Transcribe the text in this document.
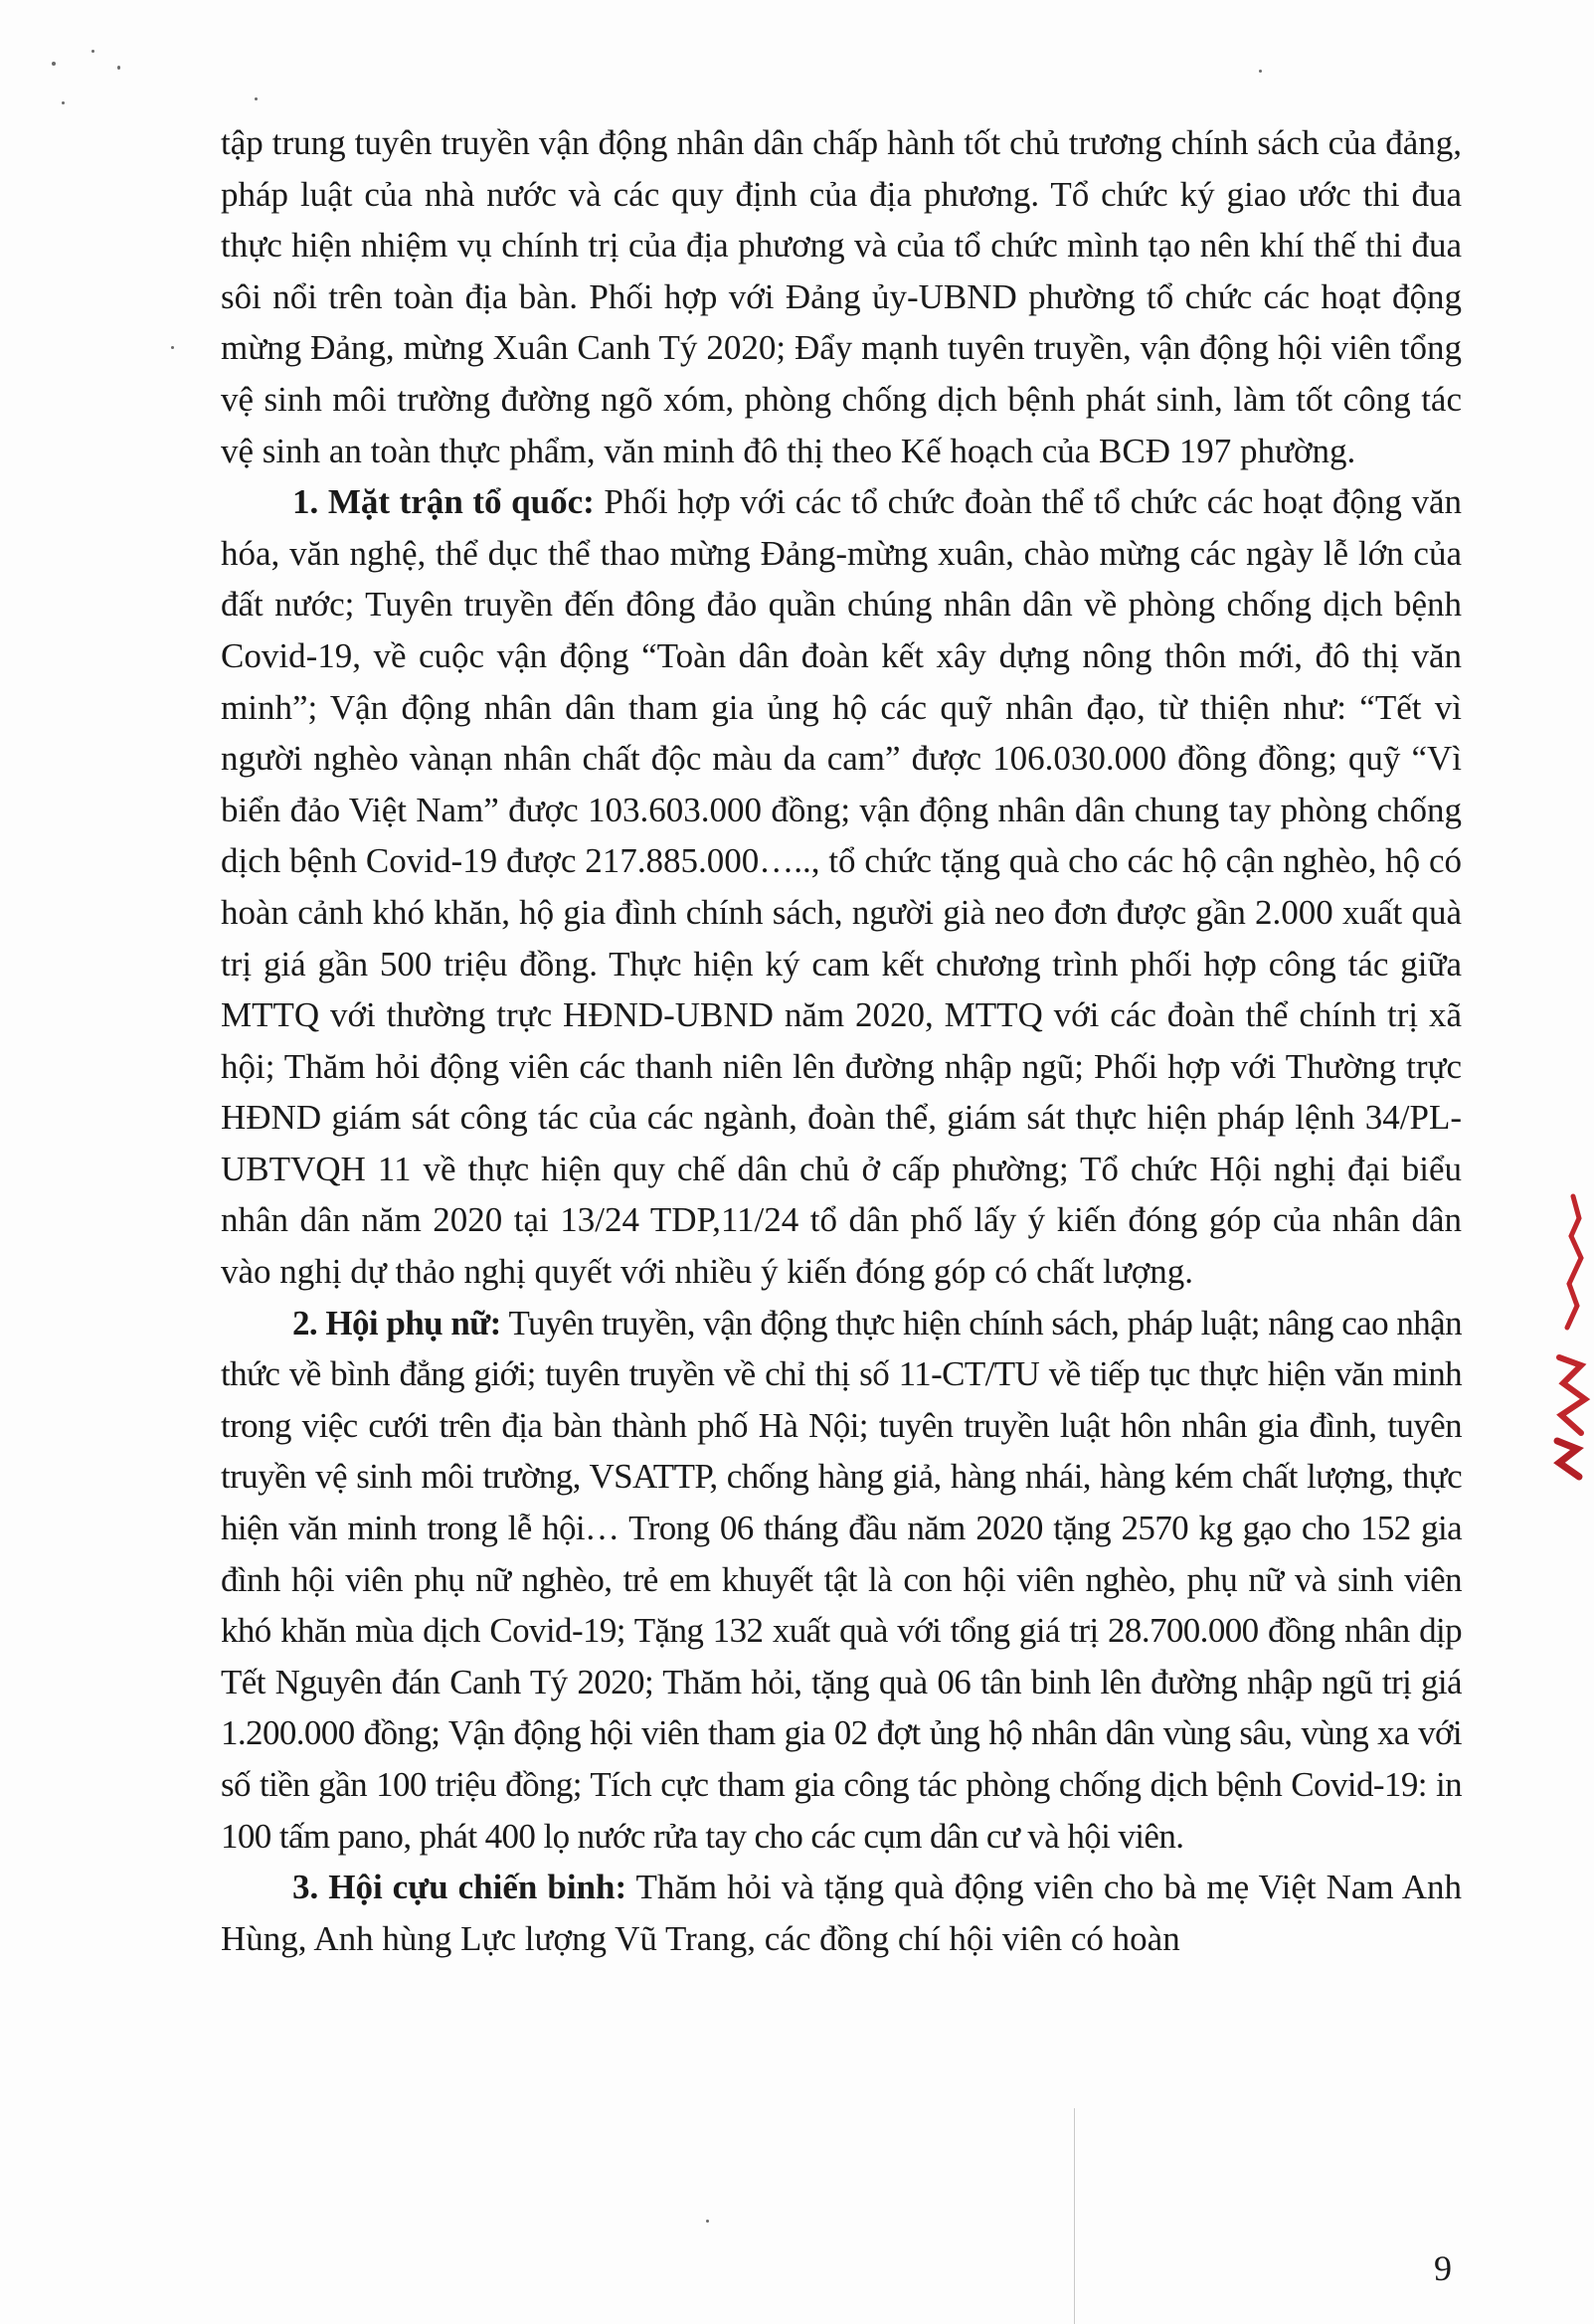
tập trung tuyên truyền vận động nhân dân chấp hành tốt chủ trương chính sách của đảng, pháp luật của nhà nước và các quy định của địa phương. Tổ chức ký giao ước thi đua thực hiện nhiệm vụ chính trị của địa phương và của tổ chức mình tạo nên khí thế thi đua sôi nổi trên toàn địa bàn. Phối hợp với Đảng ủy-UBND phường tổ chức các hoạt động mừng Đảng, mừng Xuân Canh Tý 2020; Đẩy mạnh tuyên truyền, vận động hội viên tổng vệ sinh môi trường đường ngõ xóm, phòng chống dịch bệnh phát sinh, làm tốt công tác vệ sinh an toàn thực phẩm, văn minh đô thị theo Kế hoạch của BCĐ 197 phường.

1. Mặt trận tổ quốc: Phối hợp với các tổ chức đoàn thể tổ chức các hoạt động văn hóa, văn nghệ, thể dục thể thao mừng Đảng-mừng xuân, chào mừng các ngày lễ lớn của đất nước; Tuyên truyền đến đông đảo quần chúng nhân dân về phòng chống dịch bệnh Covid-19, về cuộc vận động “Toàn dân đoàn kết xây dựng nông thôn mới, đô thị văn minh”; Vận động nhân dân tham gia ủng hộ các quỹ nhân đạo, từ thiện như: “Tết vì người nghèo vànạn nhân chất độc màu da cam” được 106.030.000 đồng đồng; quỹ “Vì biển đảo Việt Nam” được 103.603.000 đồng; vận động nhân dân chung tay phòng chống dịch bệnh Covid-19 được 217.885.000….., tổ chức tặng quà cho các hộ cận nghèo, hộ có hoàn cảnh khó khăn, hộ gia đình chính sách, người già neo đơn được gần 2.000 xuất quà trị giá gần 500 triệu đồng. Thực hiện ký cam kết chương trình phối hợp công tác giữa MTTQ với thường trực HĐND-UBND năm 2020, MTTQ với các đoàn thể chính trị xã hội; Thăm hỏi động viên các thanh niên lên đường nhập ngũ; Phối hợp với Thường trực HĐND giám sát công tác của các ngành, đoàn thể, giám sát thực hiện pháp lệnh 34/PL-UBTVQH 11 về thực hiện quy chế dân chủ ở cấp phường; Tổ chức Hội nghị đại biểu nhân dân năm 2020 tại 13/24 TDP,11/24 tổ dân phố lấy ý kiến đóng góp của nhân dân vào nghị dự thảo nghị quyết với nhiều ý kiến đóng góp có chất lượng.

2. Hội phụ nữ: Tuyên truyền, vận động thực hiện chính sách, pháp luật; nâng cao nhận thức về bình đẳng giới; tuyên truyền về chỉ thị số 11-CT/TU về tiếp tục thực hiện văn minh trong việc cưới trên địa bàn thành phố Hà Nội; tuyên truyền luật hôn nhân gia đình, tuyên truyền vệ sinh môi trường, VSATTP, chống hàng giả, hàng nhái, hàng kém chất lượng, thực hiện văn minh trong lễ hội… Trong 06 tháng đầu năm 2020 tặng 2570 kg gạo cho 152 gia đình hội viên phụ nữ nghèo, trẻ em khuyết tật là con hội viên nghèo, phụ nữ và sinh viên khó khăn mùa dịch Covid-19; Tặng 132 xuất quà với tổng giá trị 28.700.000 đồng nhân dịp Tết Nguyên đán Canh Tý 2020; Thăm hỏi, tặng quà 06 tân binh lên đường nhập ngũ trị giá 1.200.000 đồng; Vận động hội viên tham gia 02 đợt ủng hộ nhân dân vùng sâu, vùng xa với số tiền gần 100 triệu đồng; Tích cực tham gia công tác phòng chống dịch bệnh Covid-19: in 100 tấm pano, phát 400 lọ nước rửa tay cho các cụm dân cư và hội viên.

3. Hội cựu chiến binh: Thăm hỏi và tặng quà động viên cho bà mẹ Việt Nam Anh Hùng, Anh hùng Lực lượng Vũ Trang, các đồng chí hội viên có hoàn

9
